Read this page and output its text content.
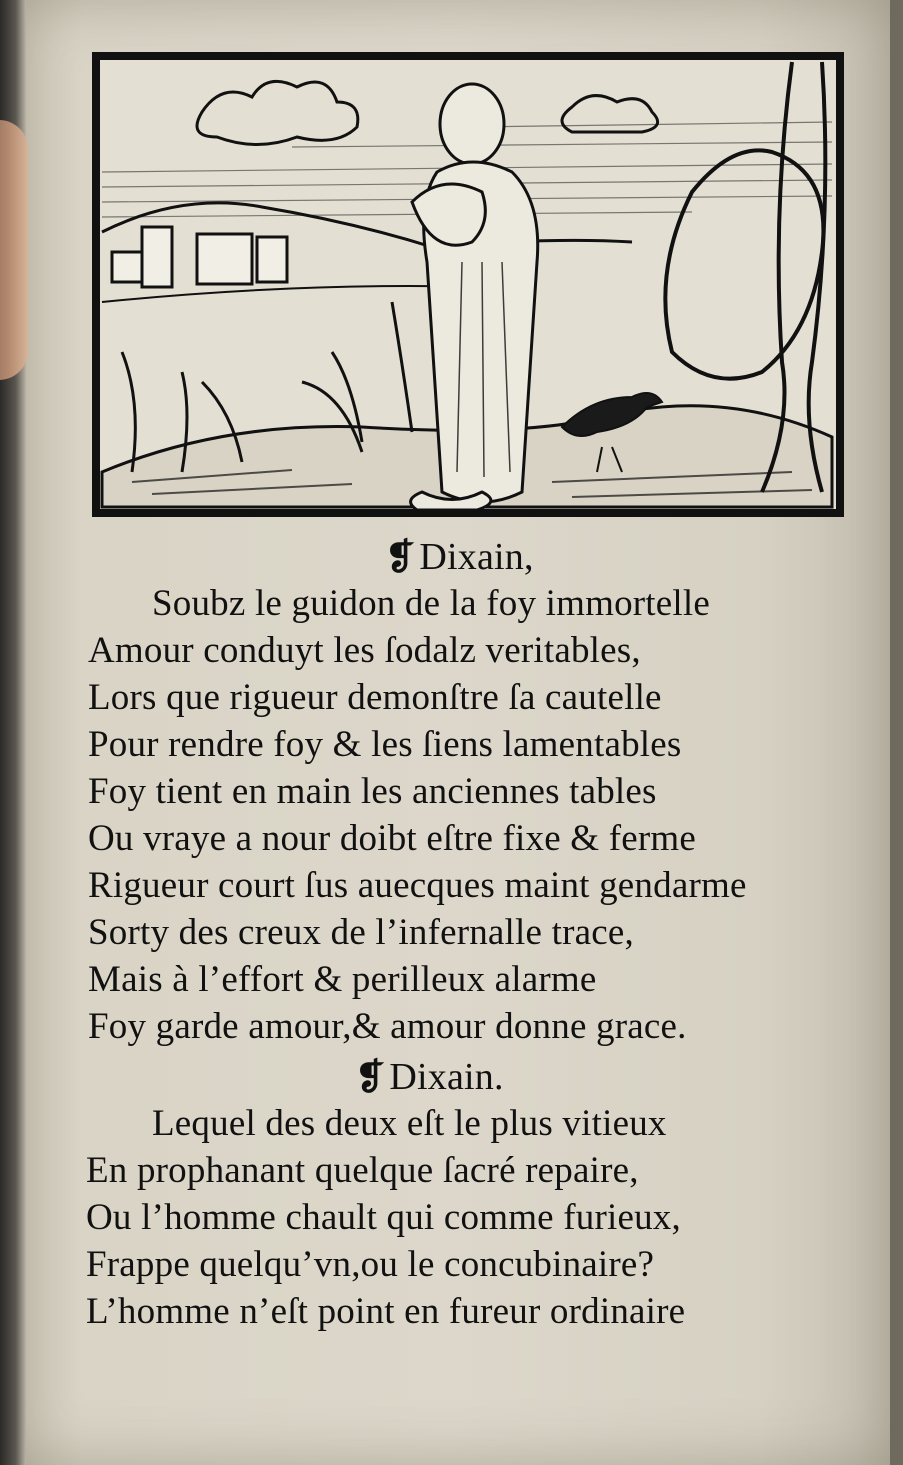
❡ Dixain,
Soubz le guidon de la foy immortelle
Amour conduyt les ſodalz veritables,
Lors que rigueur demonſtre ſa cautelle
Pour rendre foy & les ſiens lamentables
Foy tient en main les anciennes tables
Ou vraye a nour doibt eſtre fixe & ferme
Rigueur court ſus auecques maint gendarme
Sorty des creux de l’infernalle trace,
Mais à l’effort & perilleux alarme
Foy garde amour,& amour donne grace.
❡ Dixain.
Lequel des deux eſt le plus vitieux
En prophanant quelque ſacré repaire,
Ou l’homme chault qui comme furieux,
Frappe quelqu’vn,ou le concubinaire?
L’homme n’eſt point en fureur ordinaire
